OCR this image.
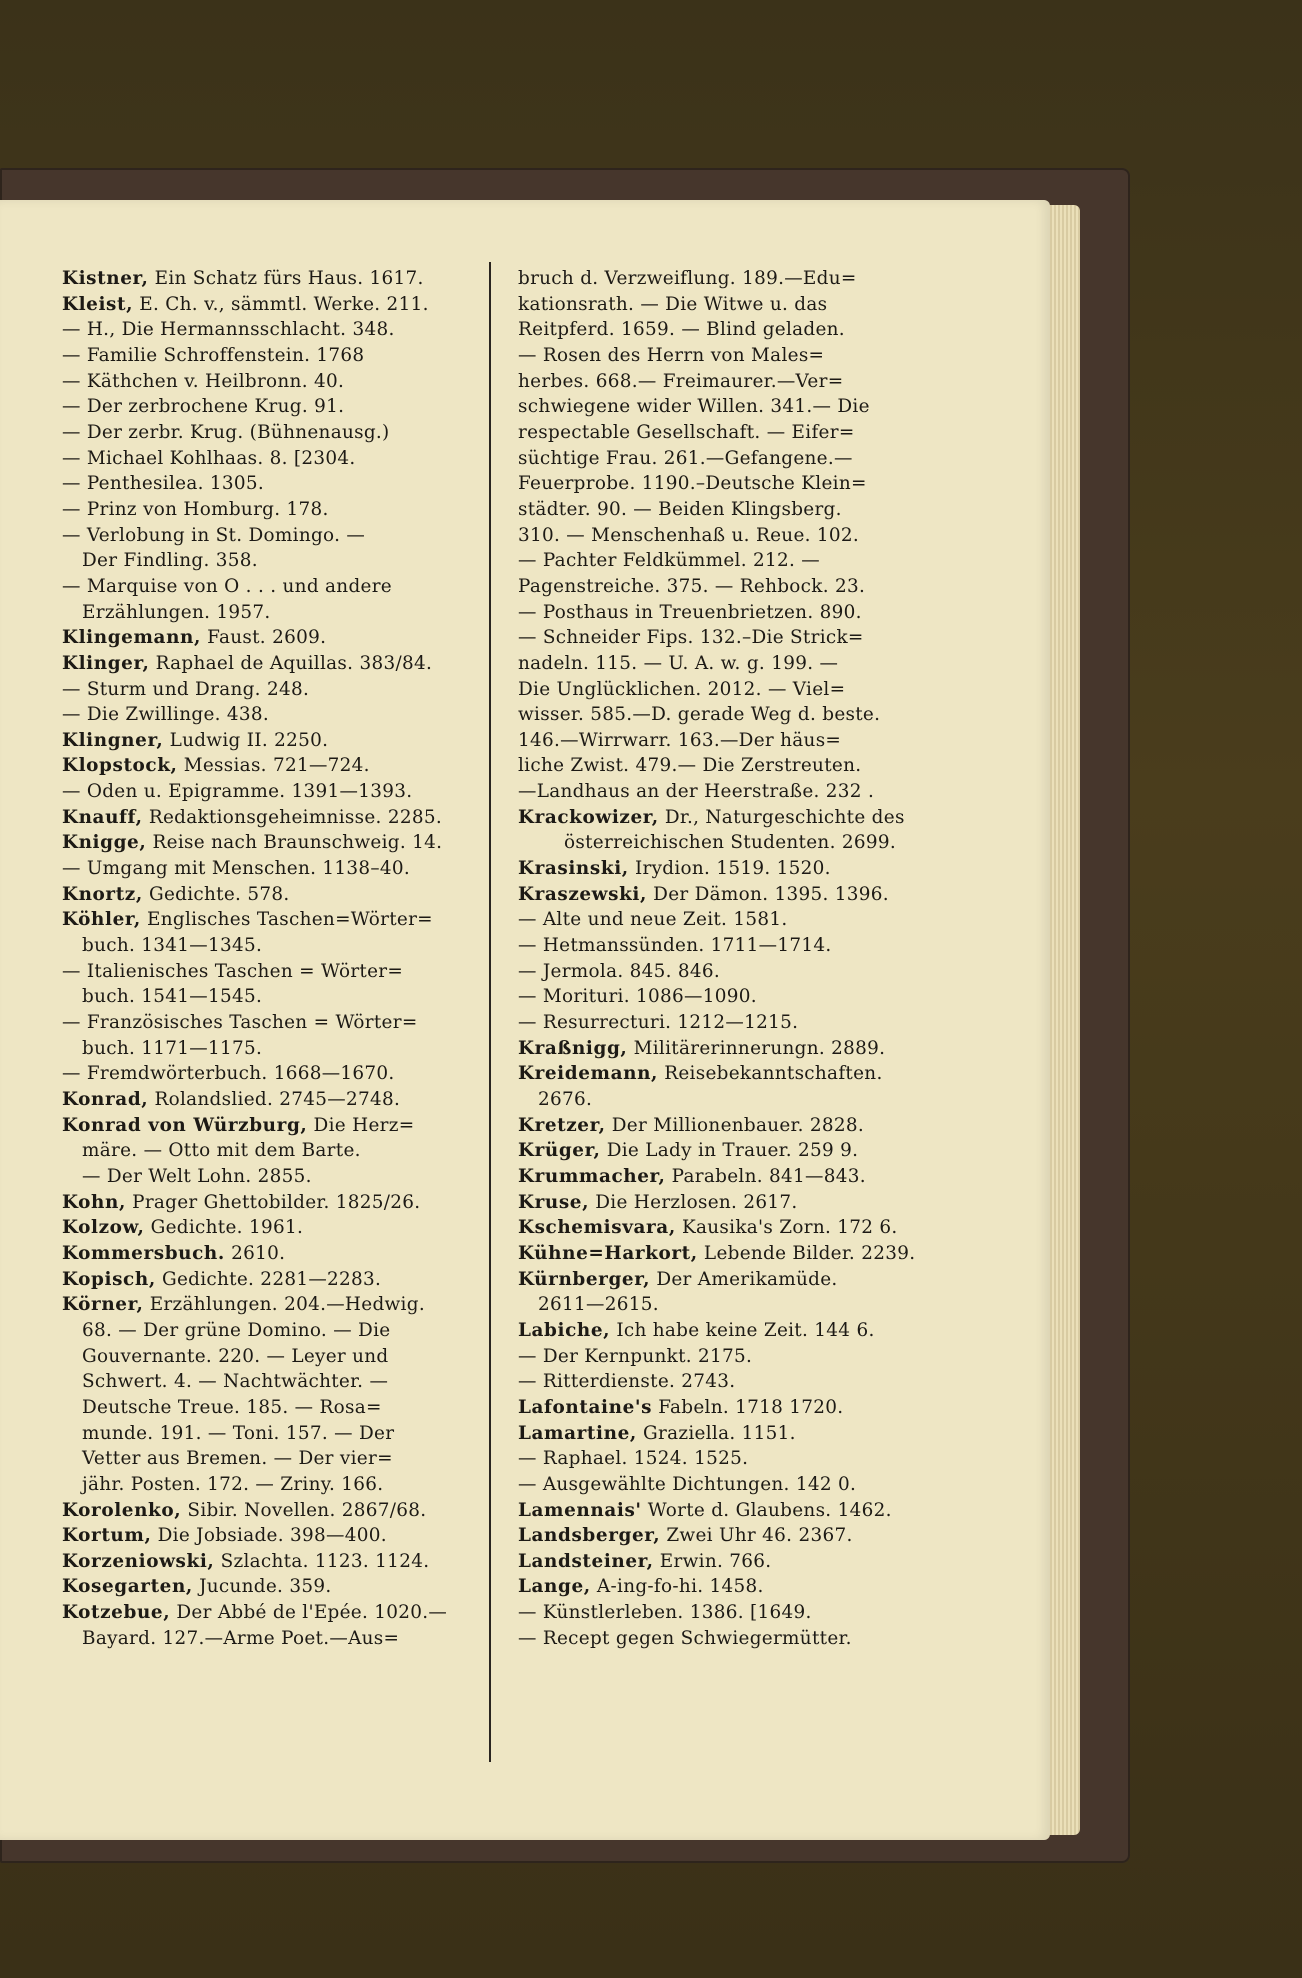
Kistner, Ein Schatz fürs Haus. 1617.
Kleist, E. Ch. v., sämmtl. Werke. 211.
— H., Die Hermannsschlacht. 348.
— Familie Schroffenstein. 1768
— Käthchen v. Heilbronn. 40.
— Der zerbrochene Krug. 91.
— Der zerbr. Krug. (Bühnenausg.)
— Michael Kohlhaas. 8. [2304.
— Penthesilea. 1305.
— Prinz von Homburg. 178.
— Verlobung in St. Domingo. —
Der Findling. 358.
— Marquise von O . . . und andere
Erzählungen. 1957.
Klingemann, Faust. 2609.
Klinger, Raphael de Aquillas. 383/84.
— Sturm und Drang. 248.
— Die Zwillinge. 438.
Klingner, Ludwig II. 2250.
Klopstock, Messias. 721—724.
— Oden u. Epigramme. 1391—1393.
Knauff, Redaktionsgeheimnisse. 2285.
Knigge, Reise nach Braunschweig. 14.
— Umgang mit Menschen. 1138–40.
Knortz, Gedichte. 578.
Köhler, Englisches Taschen=Wörter=
buch. 1341—1345.
— Italienisches Taschen = Wörter=
buch. 1541—1545.
— Französisches Taschen = Wörter=
buch. 1171—1175.
— Fremdwörterbuch. 1668—1670.
Konrad, Rolandslied. 2745—2748.
Konrad von Würzburg, Die Herz=
märe. — Otto mit dem Barte.
— Der Welt Lohn. 2855.
Kohn, Prager Ghettobilder. 1825/26.
Kolzow, Gedichte. 1961.
Kommersbuch. 2610.
Kopisch, Gedichte. 2281—2283.
Körner, Erzählungen. 204.—Hedwig.
68. — Der grüne Domino. — Die
Gouvernante. 220. — Leyer und
Schwert. 4. — Nachtwächter. —
Deutsche Treue. 185. — Rosa=
munde. 191. — Toni. 157. — Der
Vetter aus Bremen. — Der vier=
jähr. Posten. 172. — Zriny. 166.
Korolenko, Sibir. Novellen. 2867/68.
Kortum, Die Jobsiade. 398—400.
Korzeniowski, Szlachta. 1123. 1124.
Kosegarten, Jucunde. 359.
Kotzebue, Der Abbé de l'Epée. 1020.—
Bayard. 127.—Arme Poet.—Aus=
bruch d. Verzweiflung. 189.—Edu=
kationsrath. — Die Witwe u. das
Reitpferd. 1659. — Blind geladen.
— Rosen des Herrn von Males=
herbes. 668.— Freimaurer.—Ver=
schwiegene wider Willen. 341.— Die
respectable Gesellschaft. — Eifer=
süchtige Frau. 261.—Gefangene.—
Feuerprobe. 1190.–Deutsche Klein=
städter. 90. — Beiden Klingsberg.
310. — Menschenhaß u. Reue. 102.
— Pachter Feldkümmel. 212. —
Pagenstreiche. 375. — Rehbock. 23.
— Posthaus in Treuenbrietzen. 890.
— Schneider Fips. 132.–Die Strick=
nadeln. 115. — U. A. w. g. 199. —
Die Unglücklichen. 2012. — Viel=
wisser. 585.—D. gerade Weg d. beste.
146.—Wirrwarr. 163.—Der häus=
liche Zwist. 479.— Die Zerstreuten.
—Landhaus an der Heerstraße. 232 .
Krackowizer, Dr., Naturgeschichte des
österreichischen Studenten. 2699.
Krasinski, Irydion. 1519. 1520.
Kraszewski, Der Dämon. 1395. 1396.
— Alte und neue Zeit. 1581.
— Hetmanssünden. 1711—1714.
— Jermola. 845. 846.
— Morituri. 1086—1090.
— Resurrecturi. 1212—1215.
Kraßnigg, Militärerinnerungn. 2889.
Kreidemann, Reisebekanntschaften.
2676.
Kretzer, Der Millionenbauer. 2828.
Krüger, Die Lady in Trauer. 259 9.
Krummacher, Parabeln. 841—843.
Kruse, Die Herzlosen. 2617.
Kschemisvara, Kausika's Zorn. 172 6.
Kühne=Harkort, Lebende Bilder. 2239.
Kürnberger, Der Amerikamüde.
2611—2615.
Labiche, Ich habe keine Zeit. 144 6.
— Der Kernpunkt. 2175.
— Ritterdienste. 2743.
Lafontaine's Fabeln. 1718 1720.
Lamartine, Graziella. 1151.
— Raphael. 1524. 1525.
— Ausgewählte Dichtungen. 142 0.
Lamennais' Worte d. Glaubens. 1462.
Landsberger, Zwei Uhr 46. 2367.
Landsteiner, Erwin. 766.
Lange, A-ing-fo-hi. 1458.
— Künstlerleben. 1386. [1649.
— Recept gegen Schwiegermütter.
